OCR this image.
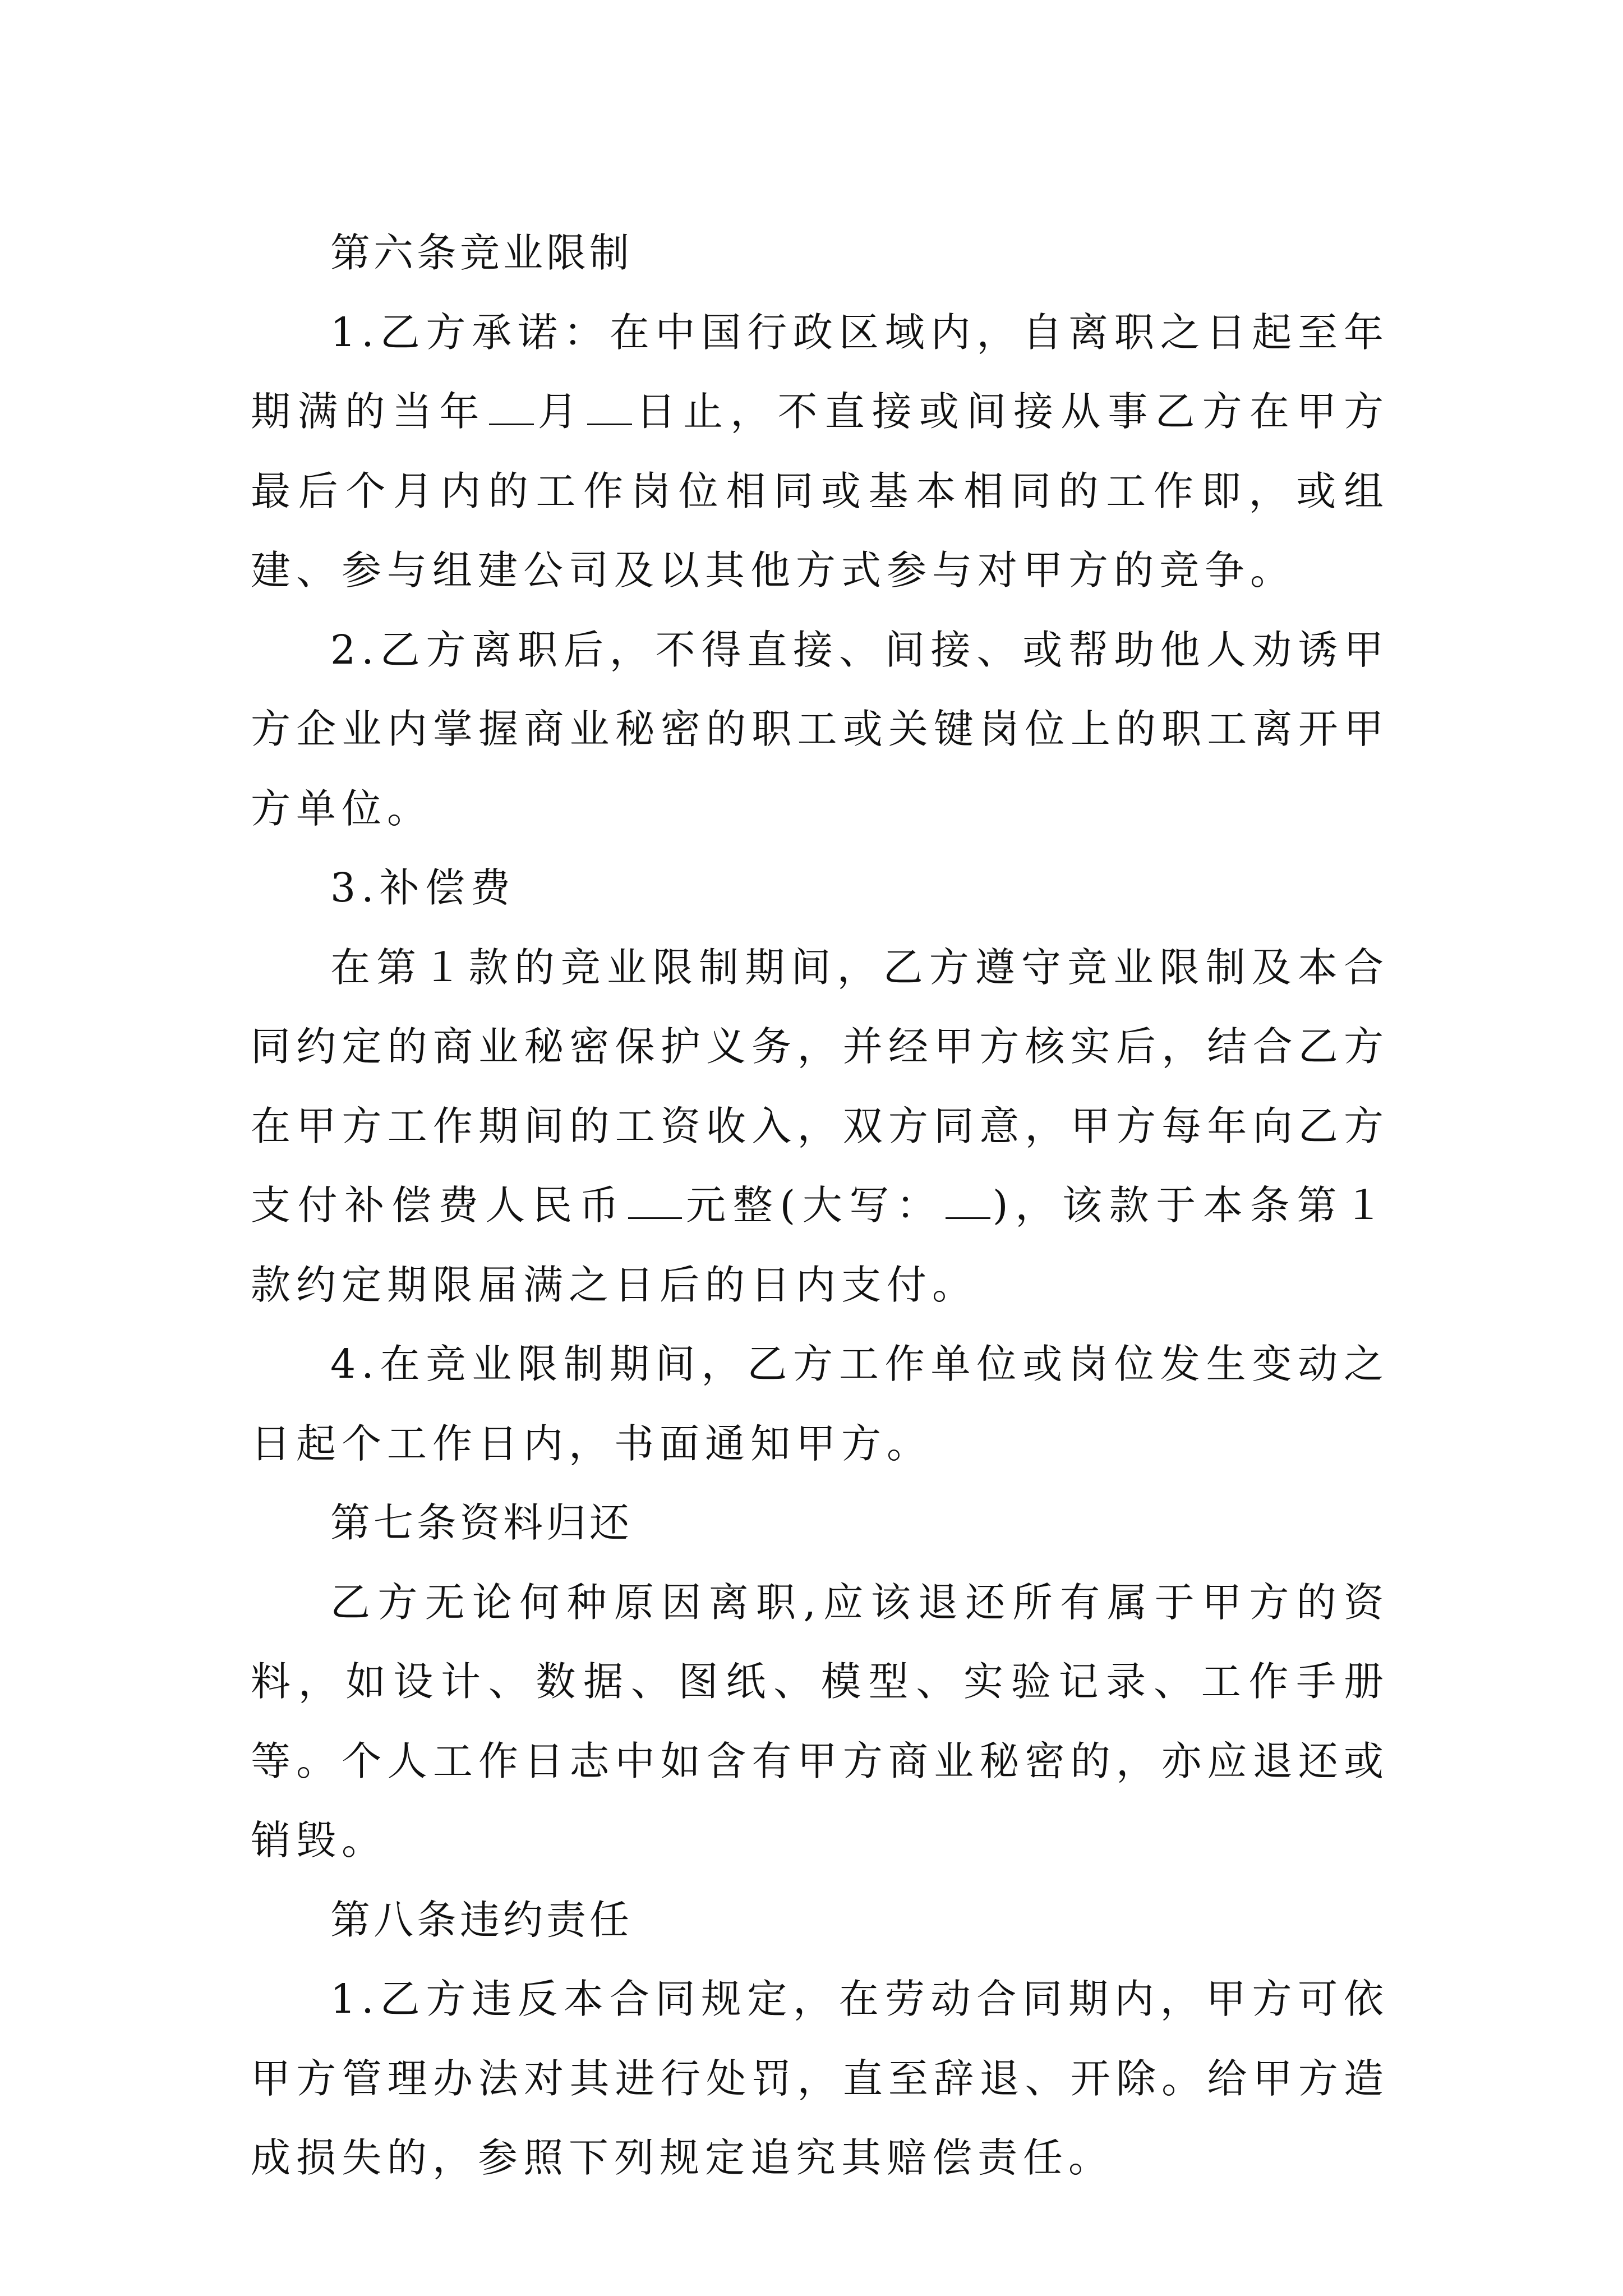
第六条竞业限制

1.乙方承诺：在中国行政区域内，自离职之日起至年期满的当年 月 日止，不直接或间接从事乙方在甲方最后个月内的工作岗位相同或基本相同的工作即，或组建、参与组建公司及以其他方式参与对甲方的竞争。

2.乙方离职后，不得直接、间接、或帮助他人劝诱甲方企业内掌握商业秘密的职工或关键岗位上的职工离开甲方单位。

3.补偿费

在第１款的竞业限制期间，乙方遵守竞业限制及本合同约定的商业秘密保护义务，并经甲方核实后，结合乙方在甲方工作期间的工资收入，双方同意，甲方每年向乙方支付补偿费人民币 元整(大写： )，该款于本条第１款约定期限届满之日后的日内支付。

4.在竞业限制期间，乙方工作单位或岗位发生变动之日起个工作日内，书面通知甲方。

第七条资料归还

乙方无论何种原因离职,应该退还所有属于甲方的资料，如设计、数据、图纸、模型、实验记录、工作手册等。个人工作日志中如含有甲方商业秘密的，亦应退还或销毁。

第八条违约责任

1.乙方违反本合同规定，在劳动合同期内，甲方可依甲方管理办法对其进行处罚，直至辞退、开除。给甲方造成损失的，参照下列规定追究其赔偿责任。
